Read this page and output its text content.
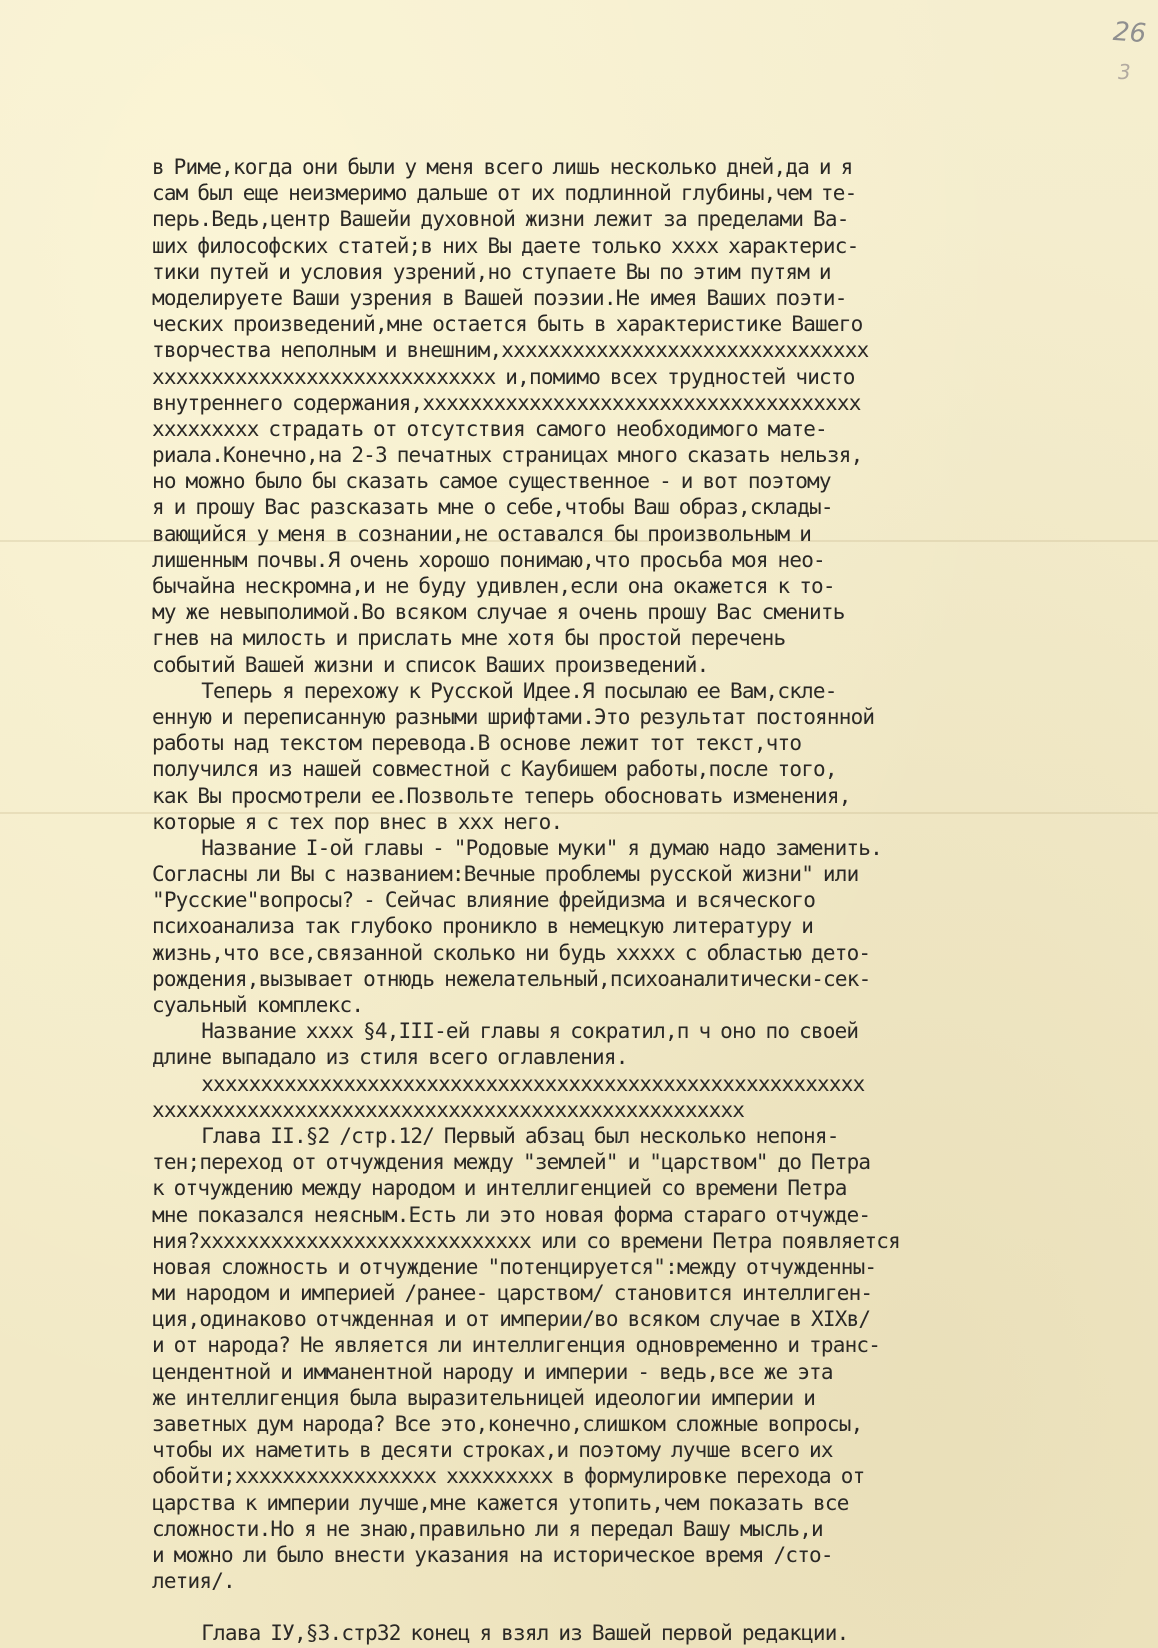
26
3
в Риме,когда они были у меня всего лишь несколько дней,да и я
сам был еще неизмеримо дальше от их подлинной глубины,чем те-
перь.Ведь,центр Вашейи духовной жизни лежит за пределами Ва-
ших философских статей;в них Вы даете только xxxx характерис-
тики путей и условия узрений,но ступаете Вы по этим путям и
моделируете Ваши узрения в Вашей поэзии.Не имея Ваших поэти-
ческих произведений,мне остается быть в характеристике Вашего
творчества неполным и внешним,xxxxxxxxxxxxxxxxxxxxxxxxxxxxxxx
xxxxxxxxxxxxxxxxxxxxxxxxxxxxx и,помимо всех трудностей чисто
внутреннего содержания,xxxxxxxxxxxxxxxxxxxxxxxxxxxxxxxxxxxxx
xxxxxxxxx страдать от отсутствия самого необходимого мате-
риала.Конечно,на 2-3 печатных страницах много сказать нельзя,
но можно было бы сказать самое существенное - и вот поэтому
я и прошу Вас разсказать мне о себе,чтобы Ваш образ,склады-
вающийся у меня в сознании,не оставался бы произвольным и
лишенным почвы.Я очень хорошо понимаю,что просьба моя нео-
бычайна нескромна,и не буду удивлен,если она окажется к то-
му же невыполимой.Во всяком случае я очень прошу Вас сменить
гнев на милость и прислать мне хотя бы простой перечень
событий Вашей жизни и список Ваших произведений.
Теперь я перехожу к Русской Идее.Я посылаю ее Вам,скле-
енную и переписанную разными шрифтами.Это результат постоянной
работы над текстом перевода.В основе лежит тот текст,что
получился из нашей совместной с Каубишем работы,после того,
как Вы просмотрели ее.Позвольте теперь обосновать изменения,
которые я с тех пор внес в xxx него.
Название I-ой главы - "Родовые муки" я думаю надо заменить.
Согласны ли Вы с названием:Вечные проблемы русской жизни" или
"Русские"вопросы? - Сейчас влияние фрейдизма и всяческого
психоанализа так глубоко проникло в немецкую литературу и
жизнь,что все,связанной сколько ни будь xxxxx с областью дето-
рождения,вызывает отнюдь нежелательный,психоаналитически-сек-
суальный комплекс.
Название xxxx §4,III-ей главы я сократил,п ч оно по своей
длине выпадало из стиля всего оглавления.
xxxxxxxxxxxxxxxxxxxxxxxxxxxxxxxxxxxxxxxxxxxxxxxxxxxxxxxx
xxxxxxxxxxxxxxxxxxxxxxxxxxxxxxxxxxxxxxxxxxxxxxxxxx
Глава II.§2 /стр.12/ Первый абзац был несколько непоня-
тен;переход от отчуждения между "землей" и "царством" до Петра
к отчуждению между народом и интеллигенцией со времени Петра
мне показался неясным.Есть ли это новая форма стараго отчужде-
ния?xxxxxxxxxxxxxxxxxxxxxxxxxxxx или со времени Петра появляется
новая сложность и отчуждение "потенцируется":между отчужденны-
ми народом и империей /ранее- царством/ становится интеллиген-
ция,одинаково отчжденная и от империи/во всяком случае в XIXв/
и от народа? Не является ли интеллигенция одновременно и транс-
цендентной и имманентной народу и империи - ведь,все же эта
же интеллигенция была выразительницей идеологии империи и
заветных дум народа? Все это,конечно,слишком сложные вопросы,
чтобы их наметить в десяти строках,и поэтому лучше всего их
обойти;xxxxxxxxxxxxxxxxx xxxxxxxxx в формулировке перехода от
царства к империи лучше,мне кажется утопить,чем показать все
сложности.Но я не знаю,правильно ли я передал Вашу мысль,и
и можно ли было внести указания на историческое время /сто-
летия/.
Глава IУ,§3.стр32 конец я взял из Вашей первой редакции.
